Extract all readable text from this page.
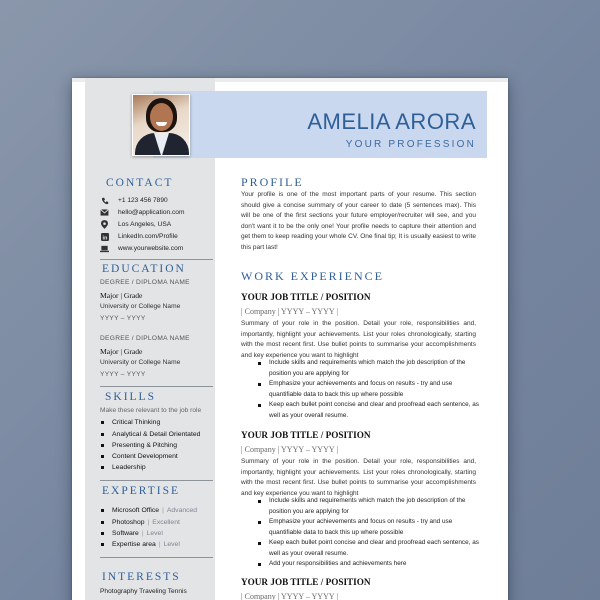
AMELIA ARORA
YOUR PROFESSION
CONTACT
+1 123 456 7890
hello@application.com
Los Angeles, USA
in LinkedIn.com/Profile
www.yourwebsite.com
EDUCATION
DEGREE / DIPLOMA NAME
Major | Grade
University or College Name
YYYY – YYYY
DEGREE / DIPLOMA NAME
Major | Grade
University or College Name
YYYY – YYYY
SKILLS
Make these relevant to the job role
Critical Thinking
Analytical & Detail Orientated
Presenting & Pitching
Content Development
Leadership
EXPERTISE
Microsoft Office | Advanced
Photoshop | Excellent
Software | Level
Expertise area | Level
INTERESTS
Photography Traveling Tennis
PROFILE

Your profile is one of the most important parts of your resume. This section should give a concise summary of your career to date (5 sentences max). This will be one of the first sections your future employer/recruiter will see, and you don't want it to be the only one! Your profile needs to capture their attention and get them to keep reading your whole CV. One final tip; It is usually easiest to write this part last!

WORK EXPERIENCE
YOUR JOB TITLE / POSITION
| Company | YYYY – YYYY |

Summary of your role in the position. Detail your role, responsibilities and, importantly, highlight your achievements. List your roles chronologically, starting with the most recent first. Use bullet points to summarise your accomplishments and key experience you want to highlight

Include skills and requirements which match the job description of the position you are applying for
Emphasize your achievements and focus on results - try and use quantifiable data to back this up where possible
Keep each bullet point concise and clear and proofread each sentence, as well as your overall resume.
YOUR JOB TITLE / POSITION
| Company | YYYY – YYYY |

Summary of your role in the position. Detail your role, responsibilities and, importantly, highlight your achievements. List your roles chronologically, starting with the most recent first. Use bullet points to summarise your accomplishments and key experience you want to highlight

Include skills and requirements which match the job description of the position you are applying for
Emphasize your achievements and focus on results - try and use quantifiable data to back this up where possible
Keep each bullet point concise and clear and proofread each sentence, as well as your overall resume.
Add your responsibilities and achievements here
YOUR JOB TITLE / POSITION
| Company | YYYY – YYYY |
